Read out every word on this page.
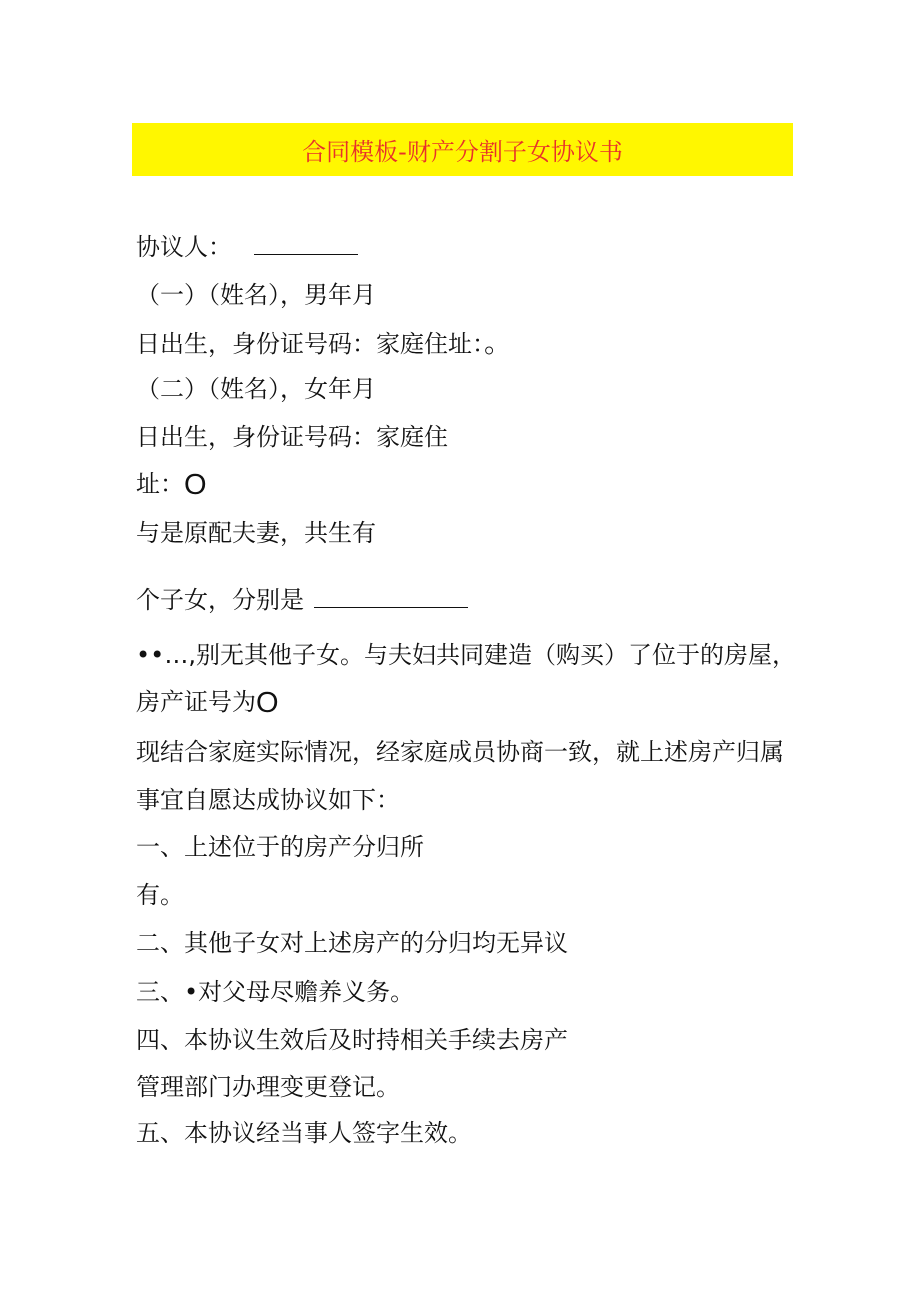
合同模板-财产分割子女协议书
协议人：
（一）（姓名），男年月
日出生，身份证号码：家庭住址：。
（二）（姓名），女年月
日出生，身份证号码：家庭住
址：O
与是原配夫妻，共生有
个子女，分别是
••…,别无其他子女。与夫妇共同建造（购买）了位于的房屋，
房产证号为O
现结合家庭实际情况，经家庭成员协商一致，就上述房产归属
事宜自愿达成协议如下：
一、上述位于的房产分归所
有。
二、其他子女对上述房产的分归均无异议
三、•对父母尽赡养义务。
四、本协议生效后及时持相关手续去房产
管理部门办理变更登记。
五、本协议经当事人签字生效。
